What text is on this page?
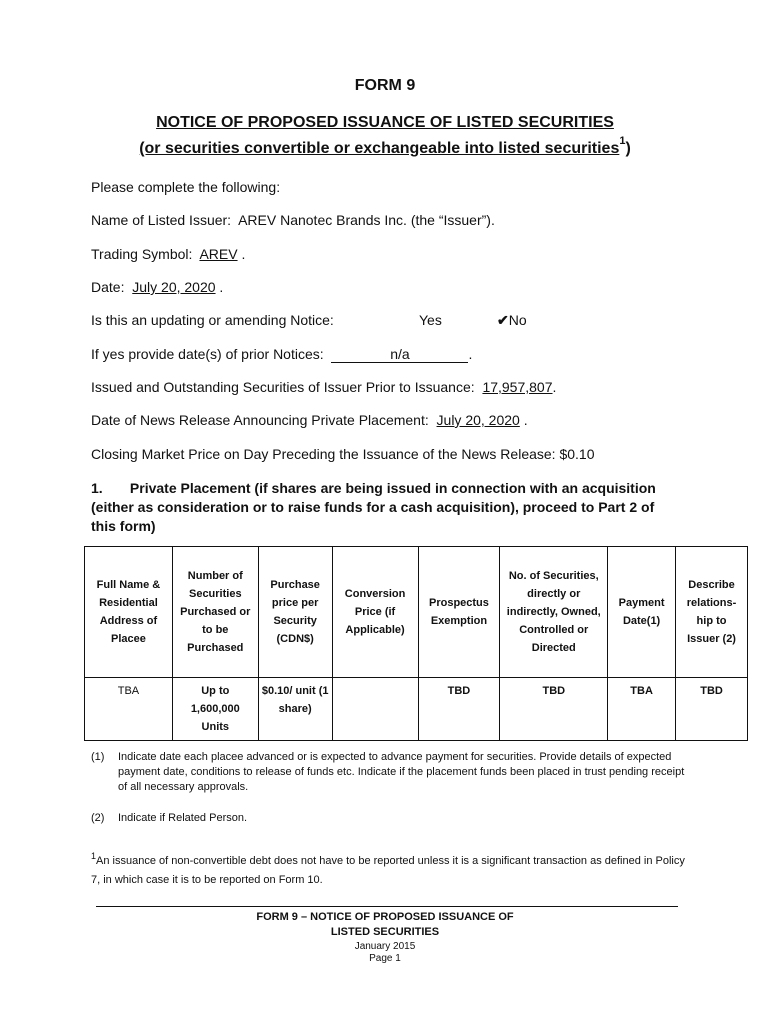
FORM 9
NOTICE OF PROPOSED ISSUANCE OF LISTED SECURITIES
(or securities convertible or exchangeable into listed securities$^1$)
Please complete the following:
Name of Listed Issuer: AREV Nanotec Brands Inc. (the “Issuer”).
Trading Symbol: AREV .
Date: July 20, 2020 .
Is this an updating or amending Notice:	Yes	✔No
If yes provide date(s) of prior Notices:	n/a	.
Issued and Outstanding Securities of Issuer Prior to Issuance: 17,957,807.
Date of News Release Announcing Private Placement: July 20, 2020 .
Closing Market Price on Day Preceding the Issuance of the News Release: $0.10
1. Private Placement (if shares are being issued in connection with an acquisition (either as consideration or to raise funds for a cash acquisition), proceed to Part 2 of this form)
Full Name & Residential Address of Placee	Number of Securities Purchased or to be Purchased	Purchase price per Security (CDN$)	Conversion Price (if Applicable)	Prospectus Exemption	No. of Securities, directly or indirectly, Owned, Controlled or Directed	Payment Date(1)	Describe relations-hip to Issuer (2)
TBA	Up to 1,600,000 Units	$0.10/ unit (1 share)		TBD	TBD	TBA	TBD
(1) Indicate date each placee advanced or is expected to advance payment for securities. Provide details of expected payment date, conditions to release of funds etc. Indicate if the placement funds been placed in trust pending receipt of all necessary approvals.
(2) Indicate if Related Person.
$^1$An issuance of non-convertible debt does not have to be reported unless it is a significant transaction as defined in Policy 7, in which case it is to be reported on Form 10.
FORM 9 – NOTICE OF PROPOSED ISSUANCE OF
LISTED SECURITIES
January 2015
Page 1
